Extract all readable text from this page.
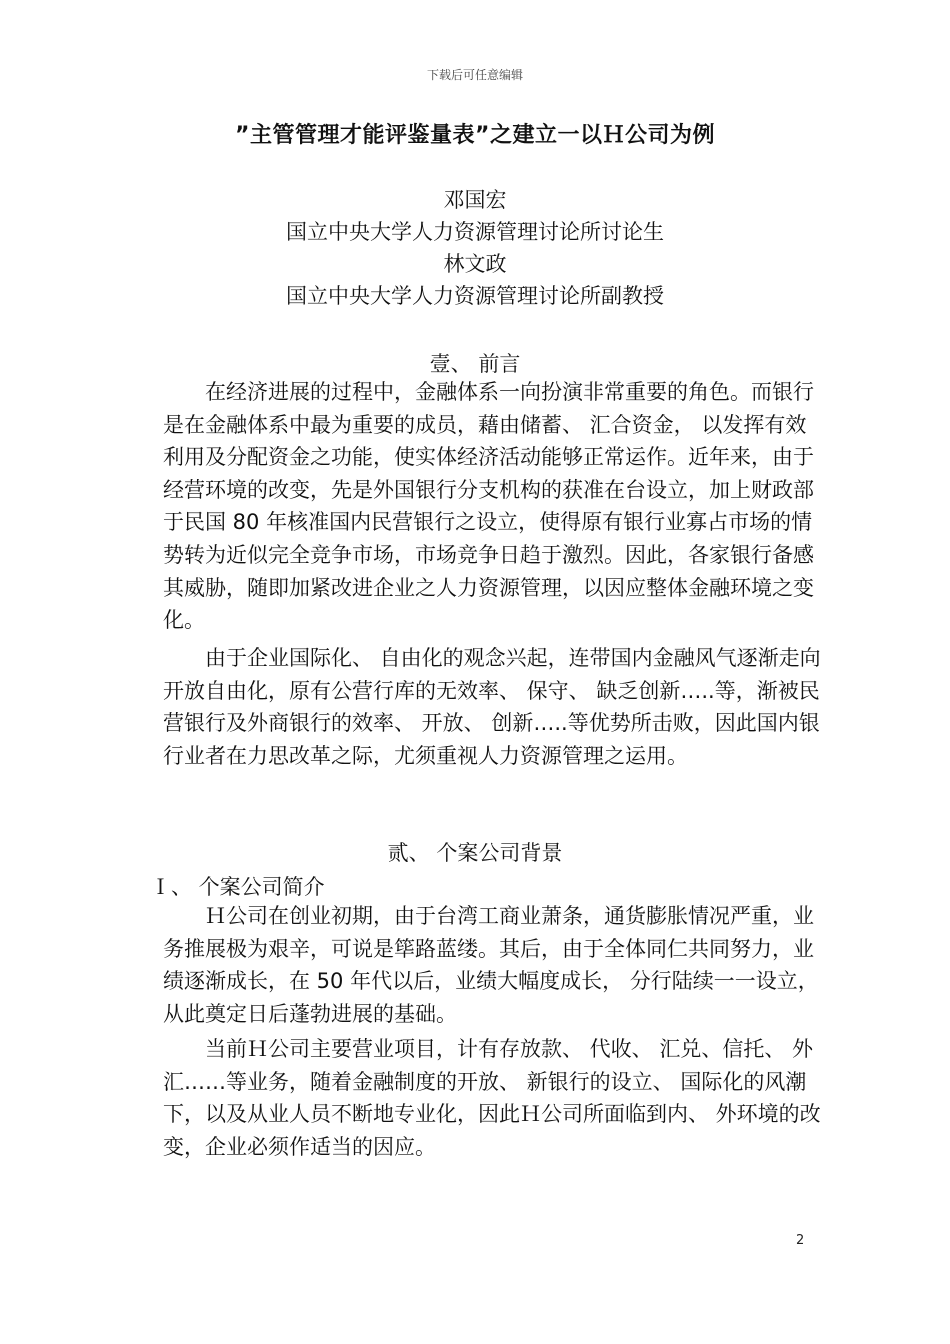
下载后可任意编辑
”主管管理才能评鉴量表”之建立一以Ｈ公司为例
邓国宏
国立中央大学人力资源管理讨论所讨论生
林文政
国立中央大学人力资源管理讨论所副教授
壹、 前言
在经济进展的过程中，金融体系一向扮演非常重要的角色。而银行是在金融体系中最为重要的成员，藉由储蓄、 汇合资金， 以发挥有效利用及分配资金之功能，使实体经济活动能够正常运作。近年来，由于经营环境的改变，先是外国银行分支机构的获准在台设立，加上财政部于民国 80 年核准国内民营银行之设立，使得原有银行业寡占市场的情势转为近似完全竞争市场，市场竞争日趋于激烈。因此，各家银行备感其威胁，随即加紧改进企业之人力资源管理，以因应整体金融环境之变化。
由于企业国际化、 自由化的观念兴起，连带国内金融风气逐渐走向开放自由化，原有公营行库的无效率、 保守、 缺乏创新…..等，渐被民营银行及外商银行的效率、 开放、 创新…..等优势所击败，因此国内银行业者在力思改革之际，尤须重视人力资源管理之运用。
贰、 个案公司背景
Ｉ、 个案公司简介
Ｈ公司在创业初期，由于台湾工商业萧条，通货膨胀情况严重，业务推展极为艰辛，可说是筚路蓝缕。其后，由于全体同仁共同努力，业绩逐渐成长，在 50 年代以后，业绩大幅度成长， 分行陆续一一设立，从此奠定日后蓬勃进展的基础。
当前Ｈ公司主要营业项目，计有存放款、 代收、 汇兑、信托、 外汇……等业务，随着金融制度的开放、 新银行的设立、 国际化的风潮下，以及从业人员不断地专业化，因此Ｈ公司所面临到内、 外环境的改变，企业必须作适当的因应。
2
